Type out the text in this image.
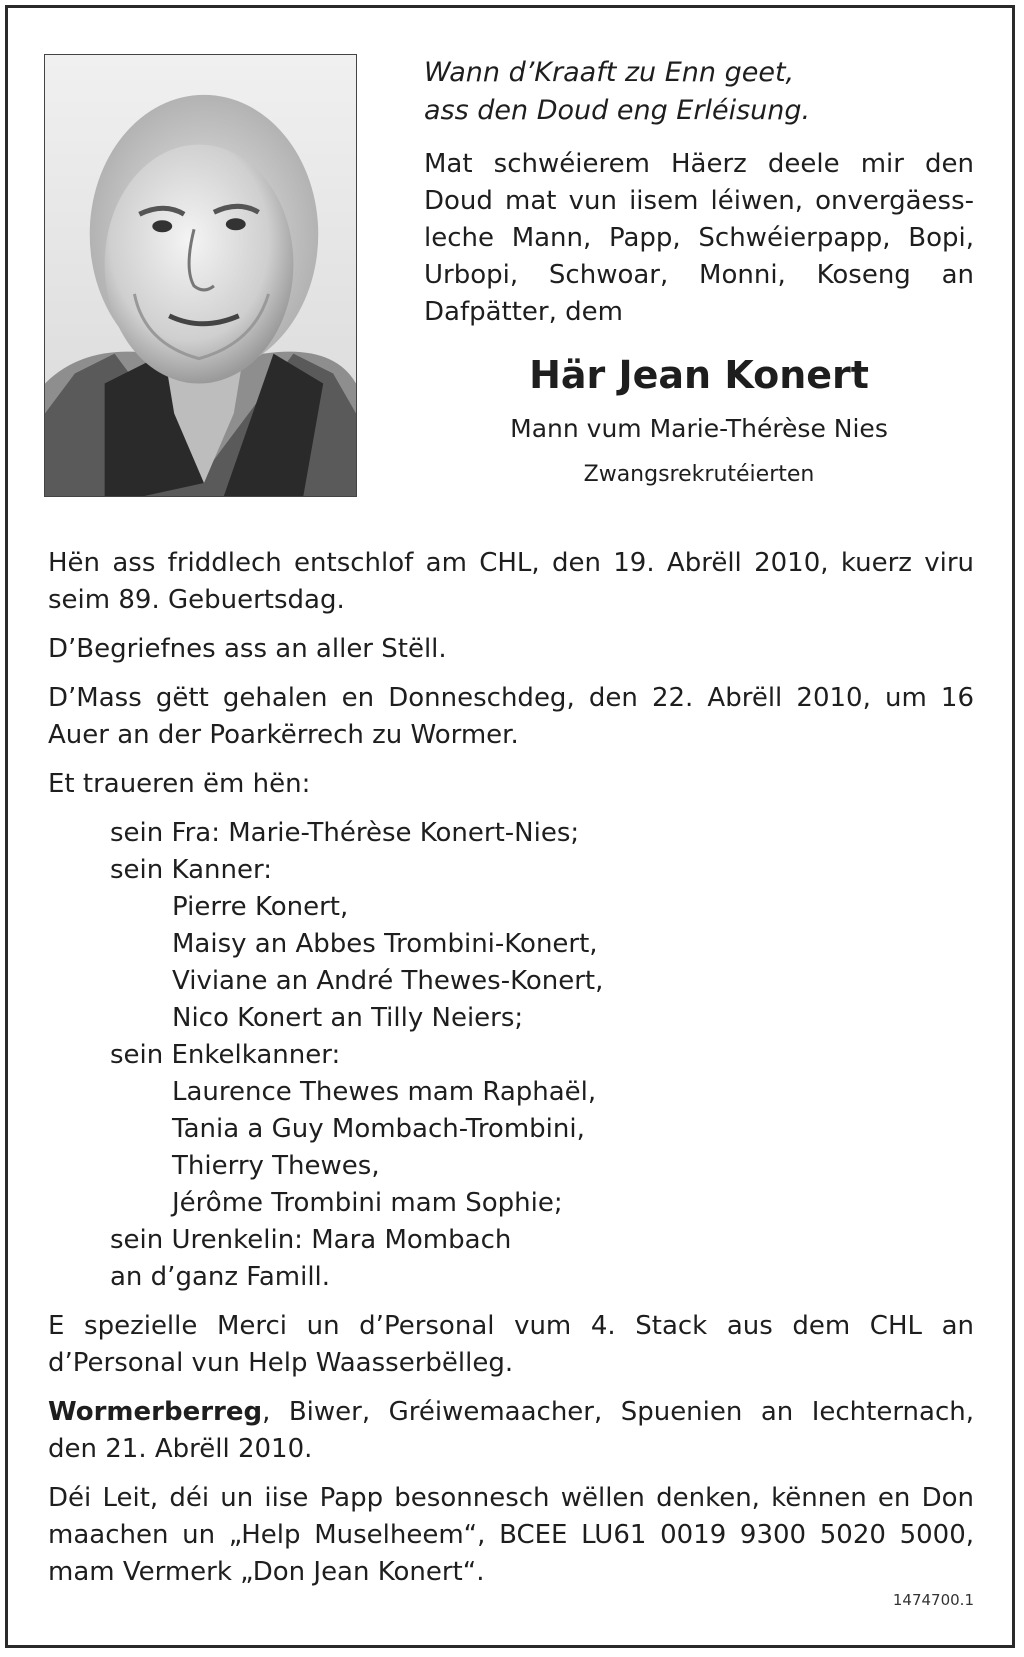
Wann d’Kraaft zu Enn geet,
ass den Doud eng Erléisung.

Mat schwéierem Häerz deele mir den Doud mat vun iisem léiwen, onvergäess-leche Mann, Papp, Schwéierpapp, Bopi, Urbopi, Schwoar, Monni, Koseng an Dafpätter, dem

Här Jean Konert

Mann vum Marie-Thérèse Nies

Zwangsrekrutéierten

Hën ass friddlech entschlof am CHL, den 19. Abrëll 2010, kuerz viru seim 89. Gebuertsdag.

D’Begriefnes ass an aller Stëll.

D’Mass gëtt gehalen en Donneschdeg, den 22. Abrëll 2010, um 16 Auer an der Poarkërrech zu Wormer.

Et traueren ëm hën:

sein Fra: Marie-Thérèse Konert-Nies;
sein Kanner:
Pierre Konert,
Maisy an Abbes Trombini-Konert,
Viviane an André Thewes-Konert,
Nico Konert an Tilly Neiers;
sein Enkelkanner:
Laurence Thewes mam Raphaël,
Tania a Guy Mombach-Trombini,
Thierry Thewes,
Jérôme Trombini mam Sophie;
sein Urenkelin: Mara Mombach
an d’ganz Famill.

E spezielle Merci un d’Personal vum 4. Stack aus dem CHL an d’Personal vun Help Waasserbëlleg.

Wormerberreg, Biwer, Gréiwemaacher, Spuenien an Iechternach, den 21. Abrëll 2010.

Déi Leit, déi un iise Papp besonnesch wëllen denken, kënnen en Don maachen un „Help Muselheem“, BCEE LU61 0019 9300 5020 5000, mam Vermerk „Don Jean Konert“.

1474700.1
